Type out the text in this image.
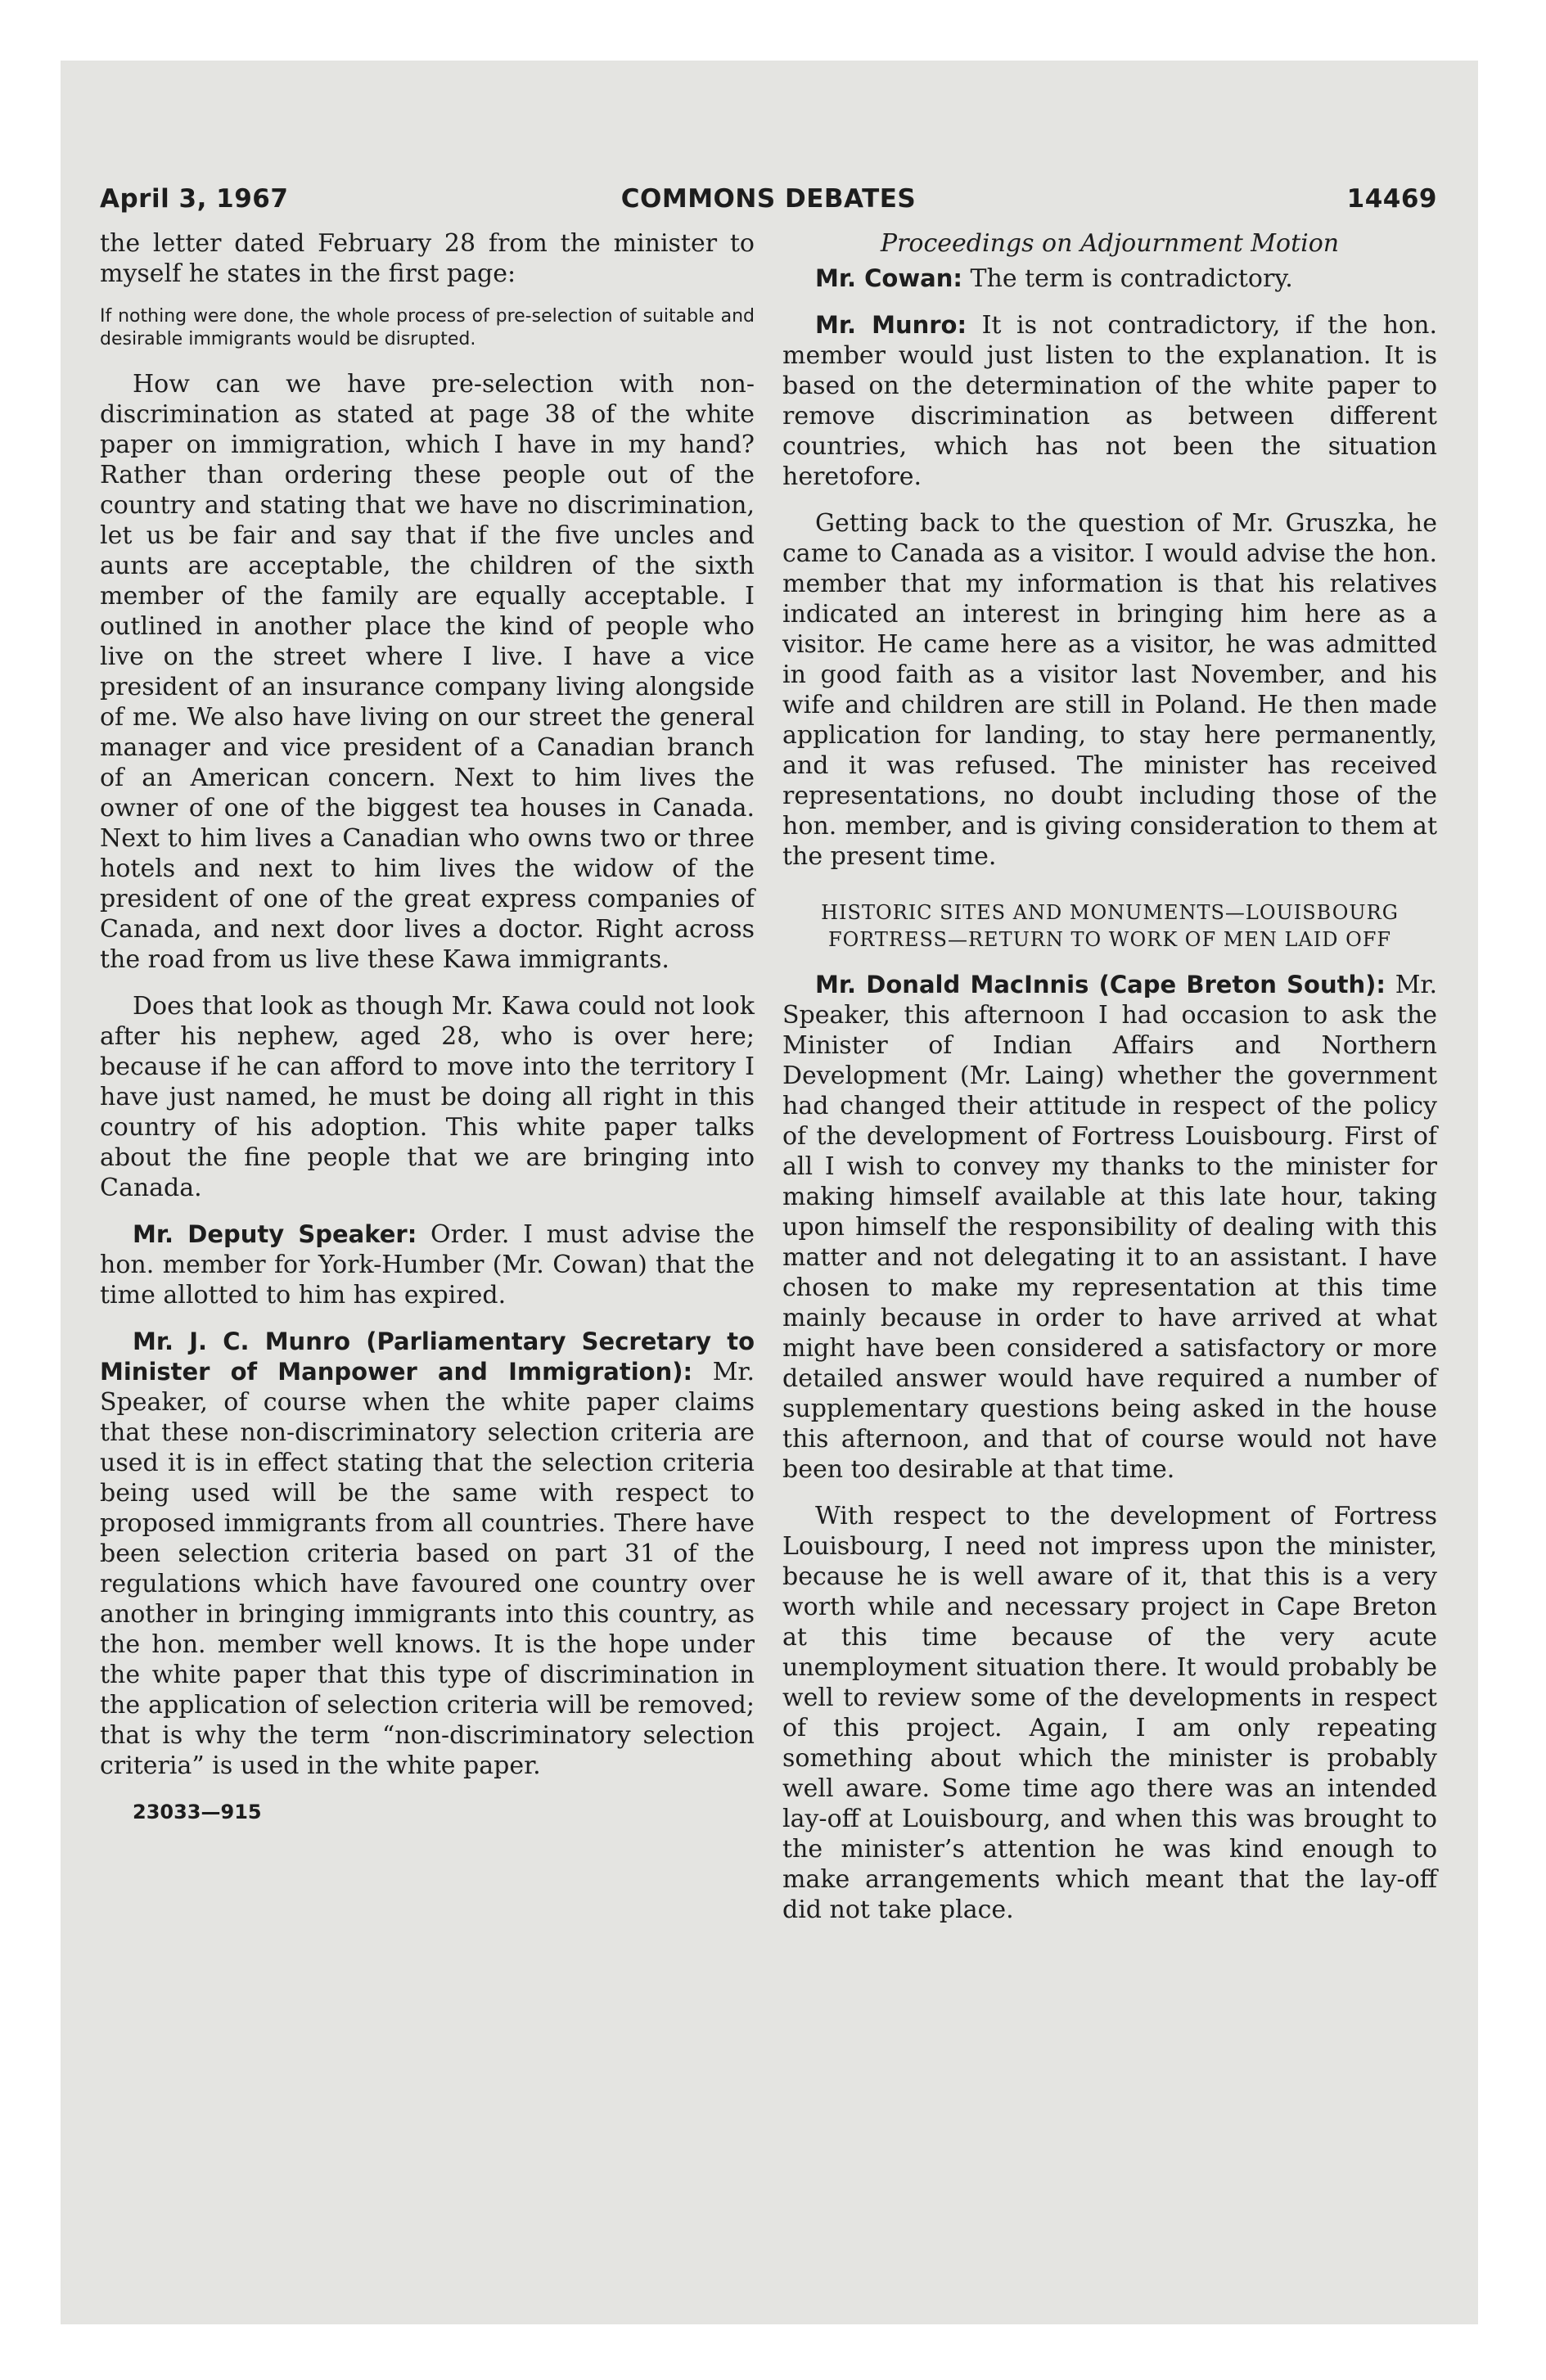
April 3, 1967	COMMONS DEBATES	14469

the letter dated February 28 from the minister to myself he states in the first page:

If nothing were done, the whole process of pre-selection of suitable and desirable immigrants would be disrupted.

How can we have pre-selection with non-discrimination as stated at page 38 of the white paper on immigration, which I have in my hand? Rather than ordering these people out of the country and stating that we have no discrimination, let us be fair and say that if the five uncles and aunts are acceptable, the children of the sixth member of the family are equally acceptable. I outlined in another place the kind of people who live on the street where I live. I have a vice president of an insurance company living alongside of me. We also have living on our street the general manager and vice president of a Canadian branch of an American concern. Next to him lives the owner of one of the biggest tea houses in Canada. Next to him lives a Canadian who owns two or three hotels and next to him lives the widow of the president of one of the great express companies of Canada, and next door lives a doctor. Right across the road from us live these Kawa immigrants.

Does that look as though Mr. Kawa could not look after his nephew, aged 28, who is over here; because if he can afford to move into the territory I have just named, he must be doing all right in this country of his adoption. This white paper talks about the fine people that we are bringing into Canada.

Mr. Deputy Speaker: Order. I must advise the hon. member for York-Humber (Mr. Cowan) that the time allotted to him has expired.

Mr. J. C. Munro (Parliamentary Secretary to Minister of Manpower and Immigration): Mr. Speaker, of course when the white paper claims that these non-discriminatory selection criteria are used it is in effect stating that the selection criteria being used will be the same with respect to proposed immigrants from all countries. There have been selection criteria based on part 31 of the regulations which have favoured one country over another in bringing immigrants into this country, as the hon. member well knows. It is the hope under the white paper that this type of discrimination in the application of selection criteria will be removed; that is why the term “non-discriminatory selection criteria” is used in the white paper.

23033—915

Proceedings on Adjournment Motion

Mr. Cowan: The term is contradictory.

Mr. Munro: It is not contradictory, if the hon. member would just listen to the explanation. It is based on the determination of the white paper to remove discrimination as between different countries, which has not been the situation heretofore.

Getting back to the question of Mr. Gruszka, he came to Canada as a visitor. I would advise the hon. member that my information is that his relatives indicated an interest in bringing him here as a visitor. He came here as a visitor, he was admitted in good faith as a visitor last November, and his wife and children are still in Poland. He then made application for landing, to stay here permanently, and it was refused. The minister has received representations, no doubt including those of the hon. member, and is giving consideration to them at the present time.

HISTORIC SITES AND MONUMENTS—LOUISBOURG FORTRESS—RETURN TO WORK OF MEN LAID OFF

Mr. Donald MacInnis (Cape Breton South): Mr. Speaker, this afternoon I had occasion to ask the Minister of Indian Affairs and Northern Development (Mr. Laing) whether the government had changed their attitude in respect of the policy of the development of Fortress Louisbourg. First of all I wish to convey my thanks to the minister for making himself available at this late hour, taking upon himself the responsibility of dealing with this matter and not delegating it to an assistant. I have chosen to make my representation at this time mainly because in order to have arrived at what might have been considered a satisfactory or more detailed answer would have required a number of supplementary questions being asked in the house this afternoon, and that of course would not have been too desirable at that time.

With respect to the development of Fortress Louisbourg, I need not impress upon the minister, because he is well aware of it, that this is a very worth while and necessary project in Cape Breton at this time because of the very acute unemployment situation there. It would probably be well to review some of the developments in respect of this project. Again, I am only repeating something about which the minister is probably well aware. Some time ago there was an intended lay-off at Louisbourg, and when this was brought to the minister’s attention he was kind enough to make arrangements which meant that the lay-off did not take place.
